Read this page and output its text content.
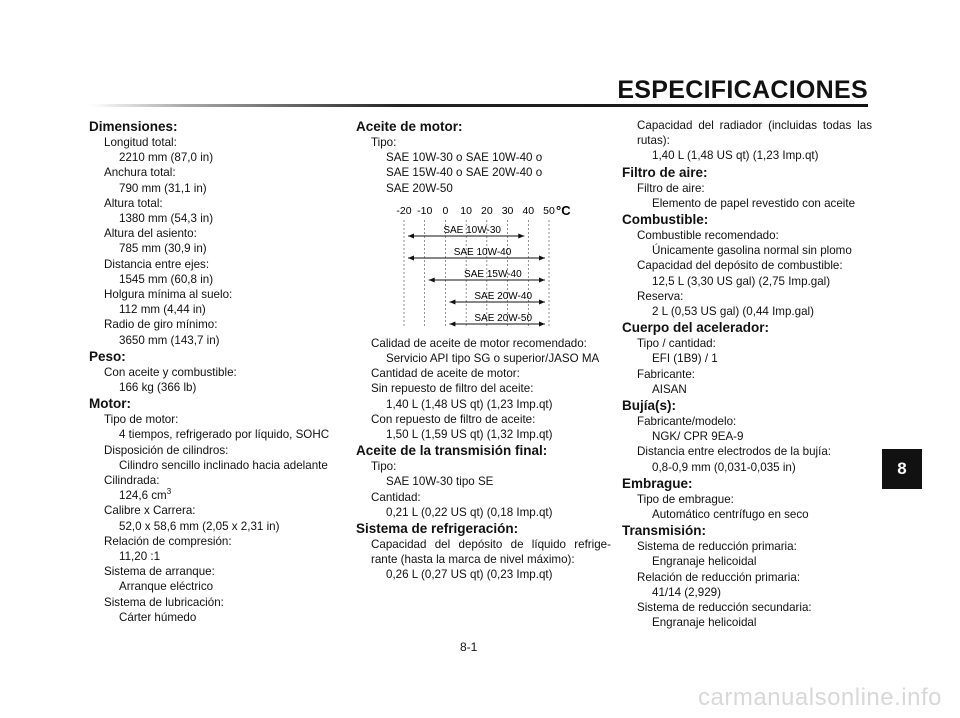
ESPECIFICACIONES
Dimensiones:
Longitud total:
2210 mm (87,0 in)
Anchura total:
790 mm (31,1 in)
Altura total:
1380 mm (54,3 in)
Altura del asiento:
785 mm (30,9 in)
Distancia entre ejes:
1545 mm (60,8 in)
Holgura mínima al suelo:
112 mm (4,44 in)
Radio de giro mínimo:
3650 mm (143,7 in)
Peso:
Con aceite y combustible:
166 kg (366 lb)
Motor:
Tipo de motor:
4 tiempos, refrigerado por líquido, SOHC
Disposición de cilindros:
Cilindro sencillo inclinado hacia adelante
Cilindrada:
124,6 $cm^3$
Calibre x Carrera:
52,0 x 58,6 mm (2,05 x 2,31 in)
Relación de compresión:
11,20 :1
Sistema de arranque:
Arranque eléctrico
Sistema de lubricación:
Cárter húmedo
Aceite de motor:
Tipo:
SAE 10W-30 o SAE 10W-40 o
SAE 15W-40 o SAE 20W-40 o
SAE 20W-50
-20 -10 0 10 20 30 40 50 °C
SAE 10W-30
SAE 10W-40
SAE 15W-40
SAE 20W-40
SAE 20W-50
Calidad de aceite de motor recomendado:
Servicio API tipo SG o superior/JASO MA
Cantidad de aceite de motor:
Sin repuesto de filtro del aceite:
1,40 L (1,48 US qt) (1,23 Imp.qt)
Con repuesto de filtro de aceite:
1,50 L (1,59 US qt) (1,32 Imp.qt)
Aceite de la transmisión final:
Tipo:
SAE 10W-30 tipo SE
Cantidad:
0,21 L (0,22 US qt) (0,18 Imp.qt)
Sistema de refrigeración:
Capacidad del depósito de líquido refrige-rante (hasta la marca de nivel máximo):
0,26 L (0,27 US qt) (0,23 Imp.qt)
Capacidad del radiador (incluidas todas las rutas):
1,40 L (1,48 US qt) (1,23 Imp.qt)
Filtro de aire:
Filtro de aire:
Elemento de papel revestido con aceite
Combustible:
Combustible recomendado:
Únicamente gasolina normal sin plomo
Capacidad del depósito de combustible:
12,5 L (3,30 US gal) (2,75 Imp.gal)
Reserva:
2 L (0,53 US gal) (0,44 Imp.gal)
Cuerpo del acelerador:
Tipo / cantidad:
EFI (1B9) / 1
Fabricante:
AISAN
Bujía(s):
Fabricante/modelo:
NGK/ CPR 9EA-9
Distancia entre electrodos de la bujía:
0,8-0,9 mm (0,031-0,035 in)
Embrague:
Tipo de embrague:
Automático centrífugo en seco
Transmisión:
Sistema de reducción primaria:
Engranaje helicoidal
Relación de reducción primaria:
41/14 (2,929)
Sistema de reducción secundaria:
Engranaje helicoidal
8
8-1
carmanualsonline.info
